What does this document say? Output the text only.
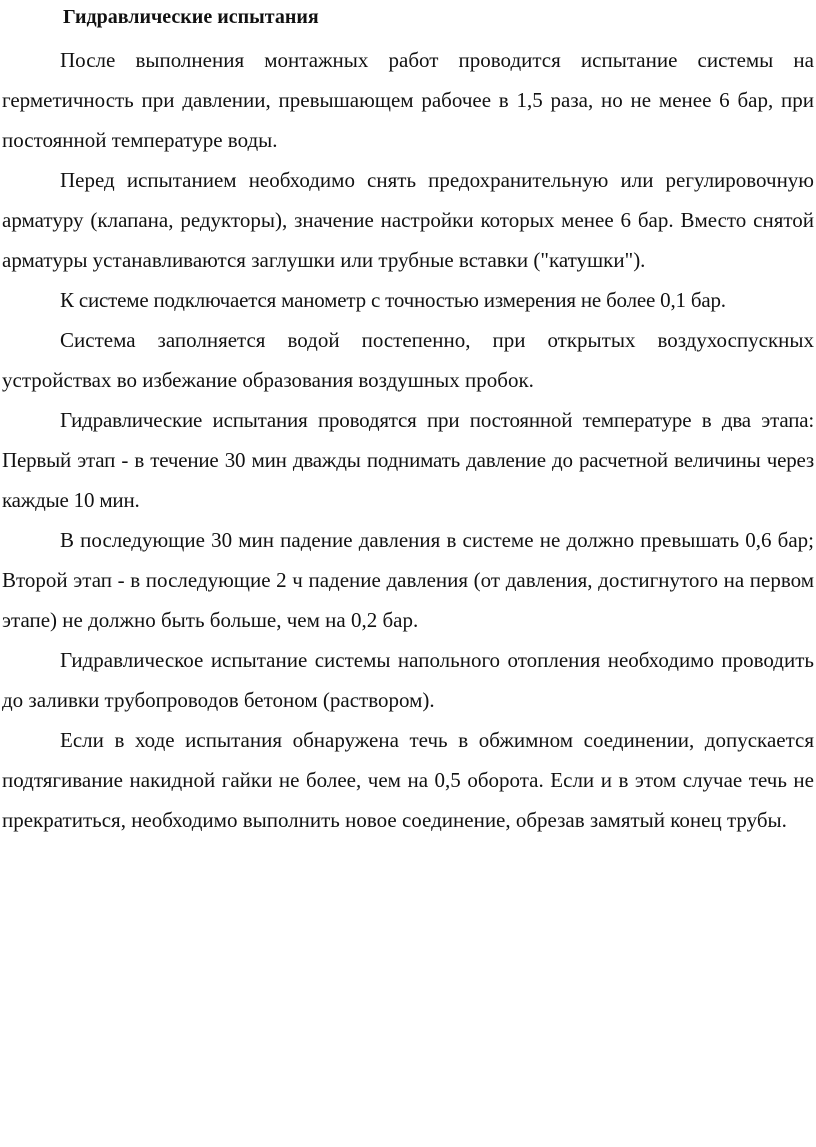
Гидравлические испытания

После выполнения монтажных работ проводится испытание системы на герметичность при давлении, превышающем рабочее в 1,5 раза, но не менее 6 бар, при постоянной температуре воды.

Перед испытанием необходимо снять предохранительную или регулировочную арматуру (клапана, редукторы), значение настройки которых менее 6 бар. Вместо снятой арматуры устанавливаются заглушки или трубные вставки ("катушки").

К системе подключается манометр с точностью измерения не более 0,1 бар.

Система заполняется водой постепенно, при открытых воздухоспускных устройствах во избежание образования воздушных пробок.

Гидравлические испытания проводятся при постоянной температуре в два этапа: Первый этап - в течение 30 мин дважды поднимать давление до расчетной величины через каждые 10 мин.

В последующие 30 мин падение давления в системе не должно превышать 0,6 бар; Второй этап - в последующие 2 ч падение давления (от давления, достигнутого на первом этапе) не должно быть больше, чем на 0,2 бар.

Гидравлическое испытание системы напольного отопления необходимо проводить до заливки трубопроводов бетоном (раствором).

Если в ходе испытания обнаружена течь в обжимном соединении, допускается подтягивание накидной гайки не более, чем на 0,5 оборота. Если и в этом случае течь не прекратиться, необходимо выполнить новое соединение, обрезав замятый конец трубы.
